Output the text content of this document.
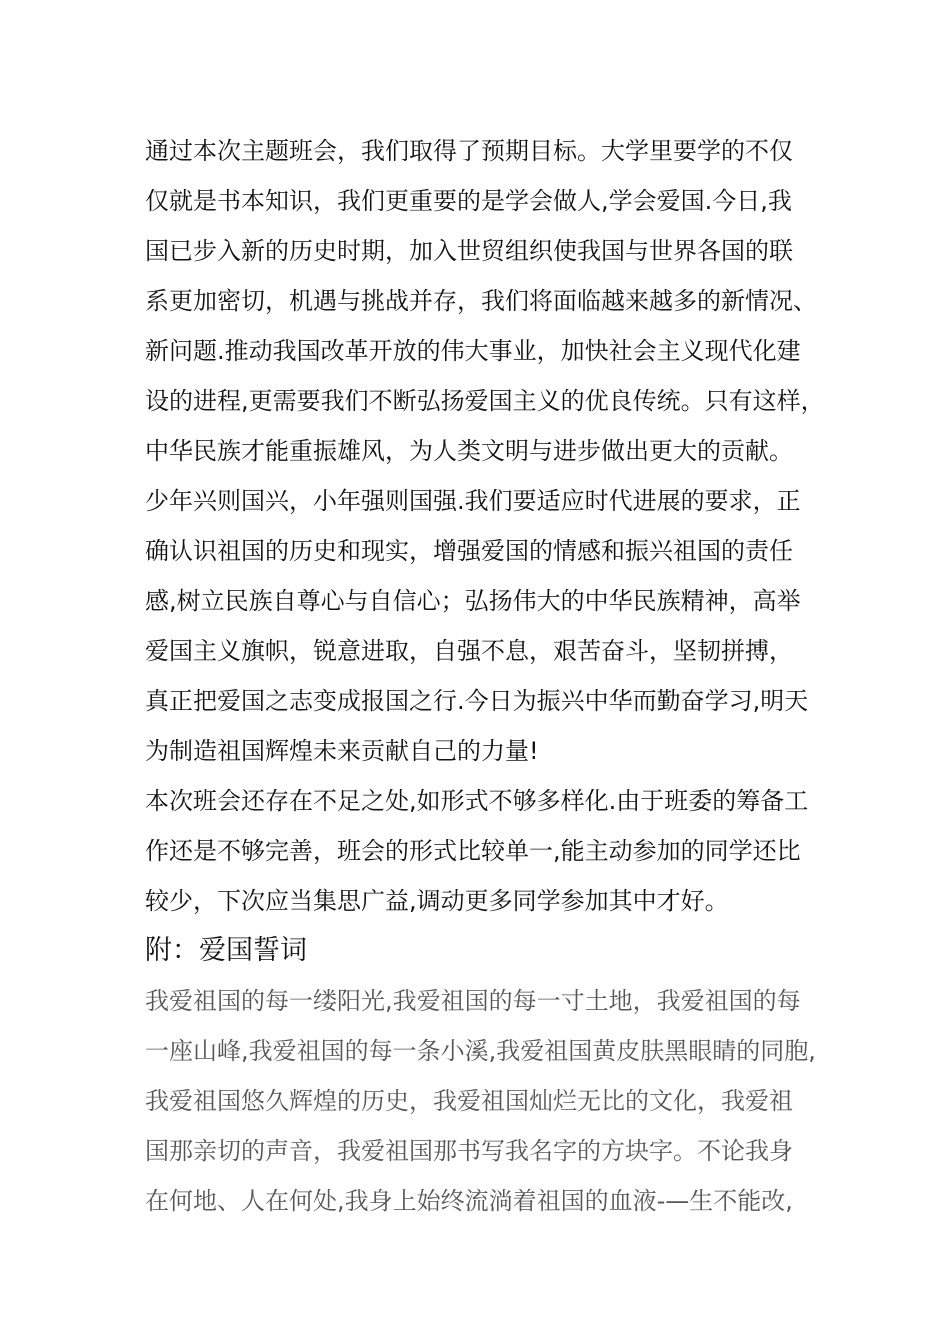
通过本次主题班会，我们取得了预期目标。大学里要学的不仅
仅就是书本知识，我们更重要的是学会做人,学会爱国.今日,我
国已步入新的历史时期，加入世贸组织使我国与世界各国的联
系更加密切，机遇与挑战并存，我们将面临越来越多的新情况、
新问题.推动我国改革开放的伟大事业，加快社会主义现代化建
设的进程,更需要我们不断弘扬爱国主义的优良传统。只有这样，
中华民族才能重振雄风，为人类文明与进步做出更大的贡献。
少年兴则国兴，小年强则国强.我们要适应时代进展的要求，正
确认识祖国的历史和现实，增强爱国的情感和振兴祖国的责任
感,树立民族自尊心与自信心；弘扬伟大的中华民族精神，高举
爱国主义旗帜，锐意进取，自强不息，艰苦奋斗，坚韧拼搏，
真正把爱国之志变成报国之行.今日为振兴中华而勤奋学习,明天
为制造祖国辉煌未来贡献自己的力量!
本次班会还存在不足之处,如形式不够多样化.由于班委的筹备工
作还是不够完善，班会的形式比较单一,能主动参加的同学还比
较少，下次应当集思广益,调动更多同学参加其中才好。
附：爱国誓词
我爱祖国的每一缕阳光,我爱祖国的每一寸土地，我爱祖国的每
一座山峰,我爱祖国的每一条小溪,我爱祖国黄皮肤黑眼睛的同胞,
我爱祖国悠久辉煌的历史，我爱祖国灿烂无比的文化，我爱祖
国那亲切的声音，我爱祖国那书写我名字的方块字。不论我身
在何地、人在何处,我身上始终流淌着祖国的血液-—生不能改,
